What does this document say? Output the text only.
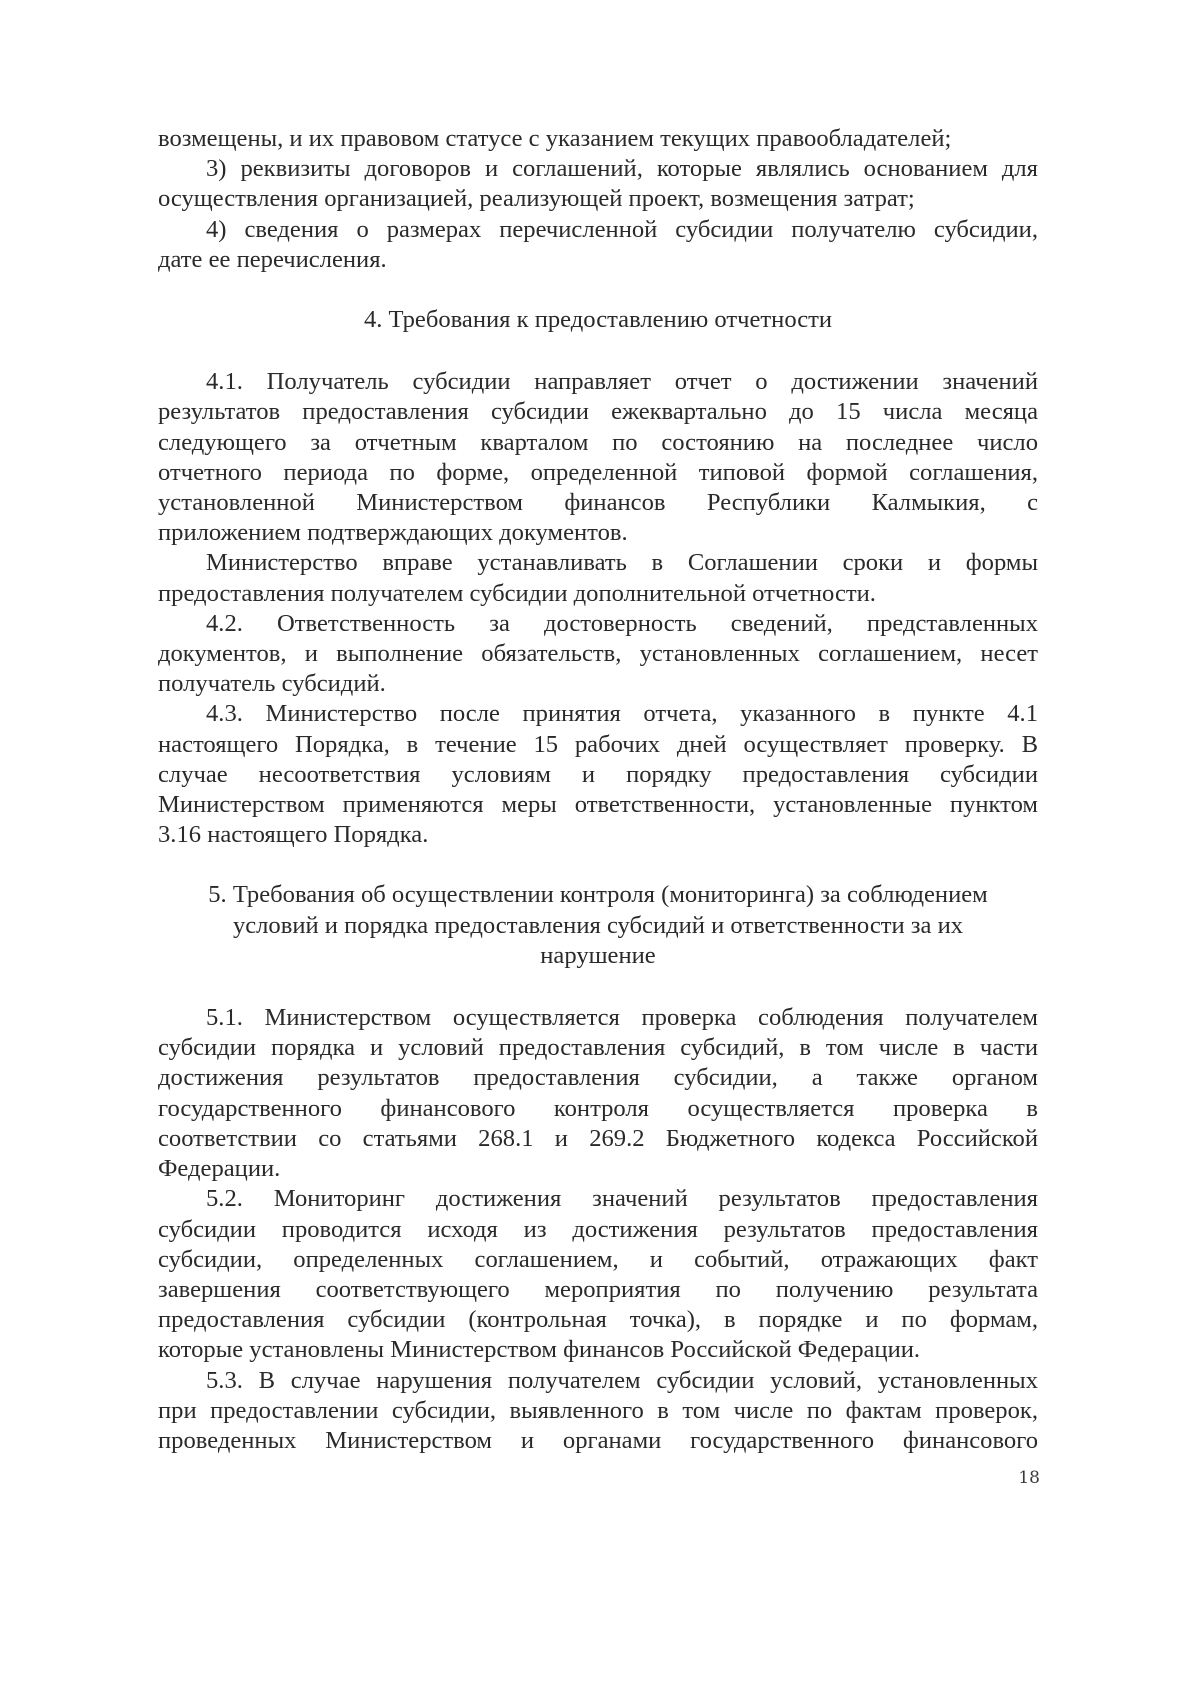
возмещены, и их правовом статусе с указанием текущих правообладателей;
3) реквизиты договоров и соглашений, которые являлись основанием для
осуществления организацией, реализующей проект, возмещения затрат;
4) сведения о размерах перечисленной субсидии получателю субсидии,
дате ее перечисления.
4. Требования к предоставлению отчетности
4.1. Получатель субсидии направляет отчет о достижении значений
результатов предоставления субсидии ежеквартально до 15 числа месяца
следующего за отчетным кварталом по состоянию на последнее число
отчетного периода по форме, определенной типовой формой соглашения,
установленной Министерством финансов Республики Калмыкия, с
приложением подтверждающих документов.
Министерство вправе устанавливать в Соглашении сроки и формы
предоставления получателем субсидии дополнительной отчетности.
4.2. Ответственность за достоверность сведений, представленных
документов, и выполнение обязательств, установленных соглашением, несет
получатель субсидий.
4.3. Министерство после принятия отчета, указанного в пункте 4.1
настоящего Порядка, в течение 15 рабочих дней осуществляет проверку. В
случае несоответствия условиям и порядку предоставления субсидии
Министерством применяются меры ответственности, установленные пунктом
3.16 настоящего Порядка.
5. Требования об осуществлении контроля (мониторинга) за соблюдением
условий и порядка предоставления субсидий и ответственности за их
нарушение
5.1. Министерством осуществляется проверка соблюдения получателем
субсидии порядка и условий предоставления субсидий, в том числе в части
достижения результатов предоставления субсидии, а также органом
государственного финансового контроля осуществляется проверка в
соответствии со статьями 268.1 и 269.2 Бюджетного кодекса Российской
Федерации.
5.2. Мониторинг достижения значений результатов предоставления
субсидии проводится исходя из достижения результатов предоставления
субсидии, определенных соглашением, и событий, отражающих факт
завершения соответствующего мероприятия по получению результата
предоставления субсидии (контрольная точка), в порядке и по формам,
которые установлены Министерством финансов Российской Федерации.
5.3. В случае нарушения получателем субсидии условий, установленных
при предоставлении субсидии, выявленного в том числе по фактам проверок,
проведенных Министерством и органами государственного финансового
18
